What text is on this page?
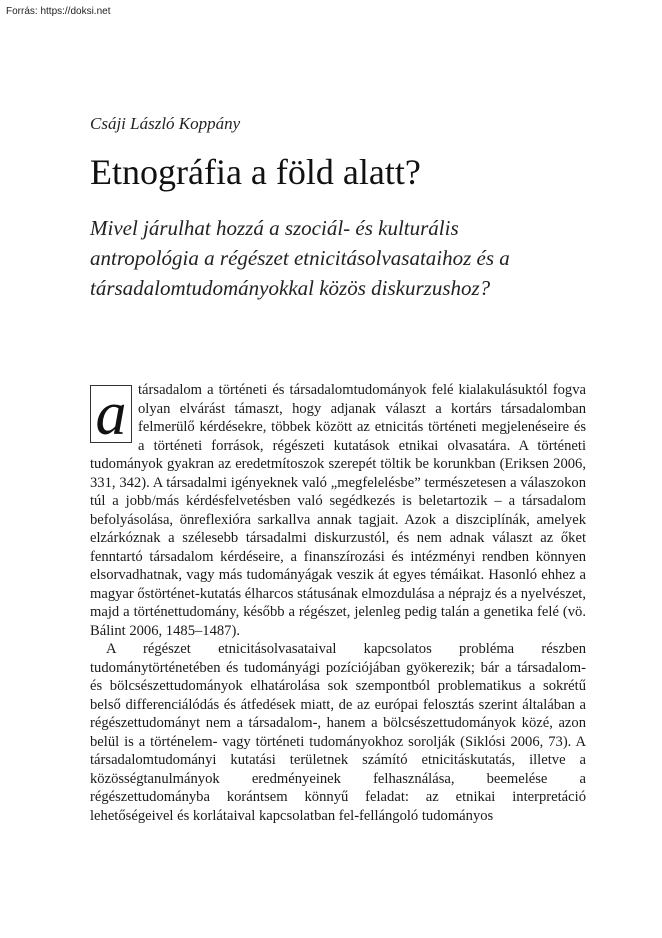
Forrás: https://doksi.net
Csáji László Koppány
Etnográfia a föld alatt?

Mivel járulhat hozzá a szociál- és kulturális antropológia a régészet etnicitásolvasataihoz és a társadalomtudományokkal közös diskurzushoz?

a társadalom a történeti és társadalomtudományok felé kialakulásuktól fogva olyan elvárást támaszt, hogy adjanak választ a kortárs társadalomban felmerülő kérdésekre, többek között az etnicitás történeti megjelenéseire és a történeti források, régészeti kutatások etnikai olvasatára. A történeti tudományok gyakran az eredetmítoszok szerepét töltik be korunkban (Eriksen 2006, 331, 342). A társadalmi igényeknek való „megfelelésbe” természetesen a válaszokon túl a jobb/más kérdésfelvetésben való segédkezés is beletartozik – a társadalom befolyásolása, önreflexióra sarkallva annak tagjait. Azok a diszciplínák, amelyek elzárkóznak a szélesebb társadalmi diskurzustól, és nem adnak választ az őket fenntartó társadalom kérdéseire, a finanszírozási és intézményi rendben könnyen elsorvadhatnak, vagy más tudományágak veszik át egyes témáikat. Hasonló ehhez a magyar őstörténet-kutatás élharcos státusának elmozdulása a néprajz és a nyelvészet, majd a történettudomány, később a régészet, jelenleg pedig talán a genetika felé (vö. Bálint 2006, 1485–1487).

A régészet etnicitásolvasataival kapcsolatos probléma részben tudománytörténetében és tudományági pozíciójában gyökerezik; bár a társadalom- és bölcsészettudományok elhatárolása sok szempontból problematikus a sokrétű belső differenciálódás és átfedések miatt, de az európai felosztás szerint általában a régészettudományt nem a társadalom-, hanem a bölcsészettudományok közé, azon belül is a történelem- vagy történeti tudományokhoz sorolják (Siklósi 2006, 73). A társadalomtudományi kutatási területnek számító etnicitáskutatás, illetve a közösségtanulmányok eredményeinek felhasználása, beemelése a régészettudományba korántsem könnyű feladat: az etnikai interpretáció lehetőségeivel és korlátaival kapcsolatban fel-fellángoló tudományos
